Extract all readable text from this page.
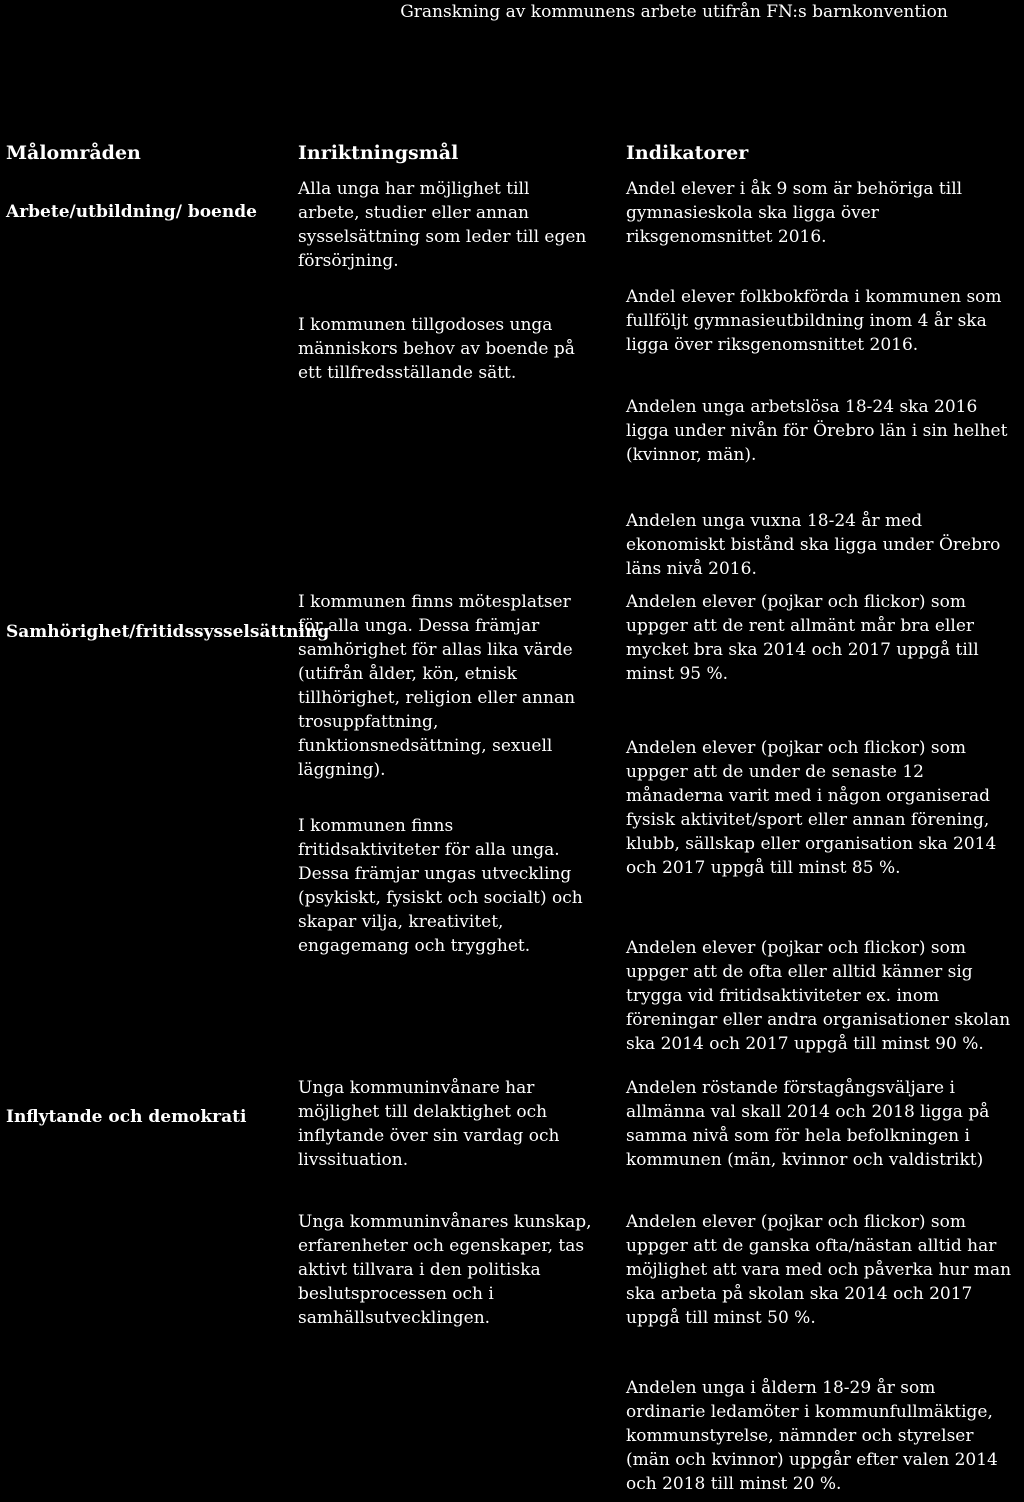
Granskning av kommunens arbete utifrån FN:s barnkonvention
Målområden	Inriktningsmål	Indikatorer
Arbete/utbildning/ boende
Samhörighet/fritidssysselsättning
Inflytande och demokrati
Alla unga har möjlighet till arbete, studier eller annan sysselsättning som leder till egen försörjning.
I kommunen tillgodoses unga människors behov av boende på ett tillfredsställande sätt.
I kommunen finns mötesplatser för alla unga. Dessa främjar samhörighet för allas lika värde (utifrån ålder, kön, etnisk tillhörighet, religion eller annan trosuppfattning, funktionsnedsättning, sexuell läggning).
I kommunen finns fritidsaktiviteter för alla unga. Dessa främjar ungas utveckling (psykiskt, fysiskt och socialt) och skapar vilja, kreativitet, engagemang och trygghet.
Unga kommuninvånare har möjlighet till delaktighet och inflytande över sin vardag och livssituation.
Unga kommuninvånares kunskap, erfarenheter och egenskaper, tas aktivt tillvara i den politiska beslutsprocessen och i samhällsutvecklingen.

Andel elever i åk 9 som är behöriga till gymnasieskola ska ligga över riksgenomsnittet 2016.

Andel elever folkbokförda i kommunen som fullföljt gymnasieutbildning inom 4 år ska ligga över riksgenomsnittet 2016.

Andelen unga arbetslösa 18-24 ska 2016 ligga under nivån för Örebro län i sin helhet (kvinnor, män).

Andelen unga vuxna 18-24 år med ekonomiskt bistånd ska ligga under Örebro läns nivå 2016.

Andelen elever (pojkar och flickor) som uppger att de rent allmänt mår bra eller mycket bra ska 2014 och 2017 uppgå till minst 95 %.

Andelen elever (pojkar och flickor) som uppger att de under de senaste 12 månaderna varit med i någon organiserad fysisk aktivitet/sport eller annan förening, klubb, sällskap eller organisation ska 2014 och 2017 uppgå till minst 85 %.

Andelen elever (pojkar och flickor) som uppger att de ofta eller alltid känner sig trygga vid fritidsaktiviteter ex. inom föreningar eller andra organisationer skolan ska 2014 och 2017 uppgå till minst 90 %.

Andelen röstande förstagångsväljare i allmänna val skall 2014 och 2018 ligga på samma nivå som för hela befolkningen i kommunen (män, kvinnor och valdistrikt)

Andelen elever (pojkar och flickor) som uppger att de ganska ofta/nästan alltid har möjlighet att vara med och påverka hur man ska arbeta på skolan ska 2014 och 2017 uppgå till minst 50 %.

Andelen unga i åldern 18-29 år som ordinarie ledamöter i kommunfullmäktige, kommunstyrelse, nämnder och styrelser (män och kvinnor) uppgår efter valen 2014 och 2018 till minst 20 %.
